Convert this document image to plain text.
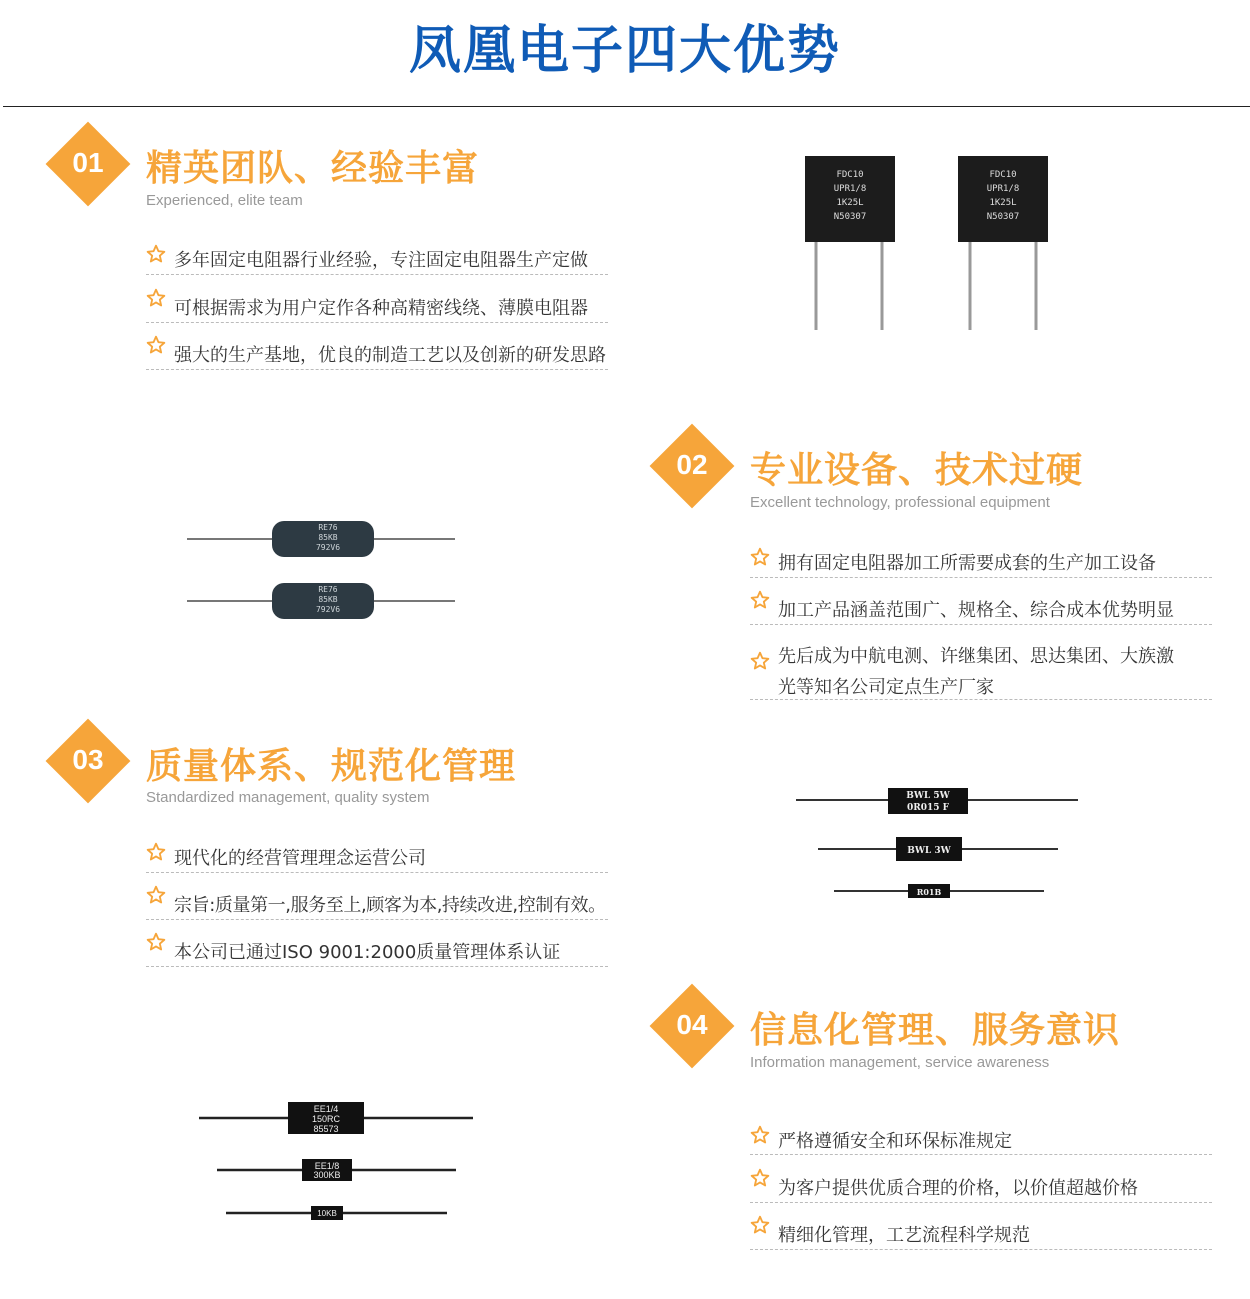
凤凰电子四大优势
01	精英团队、经验丰富
Experienced, elite team
多年固定电阻器行业经验，专注固定电阻器生产定做
可根据需求为用户定作各种高精密线绕、薄膜电阻器
强大的生产基地，优良的制造工艺以及创新的研发思路
FDC10
UPR1/8
1K25L
N50307
FDC10
UPR1/8
1K25L
N50307
02	专业设备、技术过硬
Excellent technology, professional equipment
拥有固定电阻器加工所需要成套的生产加工设备
加工产品涵盖范围广、规格全、综合成本优势明显
先后成为中航电测、许继集团、思达集团、大族激光等知名公司定点生产厂家
RE76
85KB
792V6
RE76
85KB
792V6
03	质量体系、规范化管理
Standardized management, quality system
现代化的经营管理理念运营公司
宗旨:质量第一,服务至上,顾客为本,持续改进,控制有效。
本公司已通过ISO 9001:2000质量管理体系认证
BWL 5W
0R015 F
BWL 3W
R01B
04	信息化管理、服务意识
Information management, service awareness
严格遵循安全和环保标准规定
为客户提供优质合理的价格，以价值超越价格
精细化管理，工艺流程科学规范
EE1/4
150RC
85573
EE1/8
300KB
10KB
